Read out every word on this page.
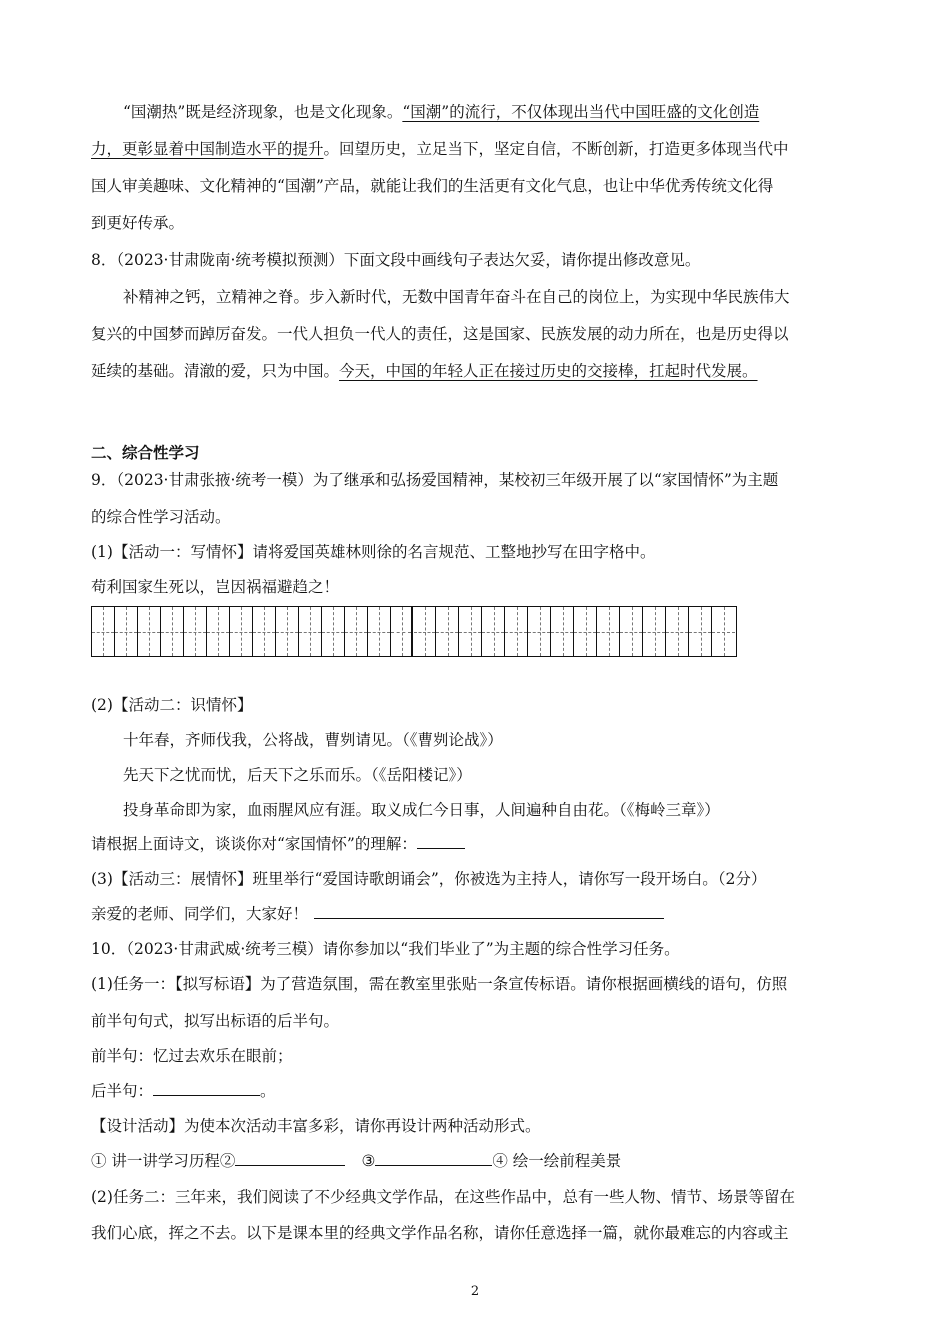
“国潮热”既是经济现象，也是文化现象。“国潮”的流行，不仅体现出当代中国旺盛的文化创造
力，更彰显着中国制造水平的提升。回望历史，立足当下，坚定自信，不断创新，打造更多体现当代中
国人审美趣味、文化精神的“国潮”产品，就能让我们的生活更有文化气息，也让中华优秀传统文化得
到更好传承。
8．（2023·甘肃陇南·统考模拟预测）下面文段中画线句子表达欠妥，请你提出修改意见。
补精神之钙，立精神之脊。步入新时代，无数中国青年奋斗在自己的岗位上，为实现中华民族伟大
复兴的中国梦而踔厉奋发。一代人担负一代人的责任，这是国家、民族发展的动力所在，也是历史得以
延续的基础。清澈的爱，只为中国。今天，中国的年轻人正在接过历史的交接棒，扛起时代发展。
二、综合性学习
9．（2023·甘肃张掖·统考一模）为了继承和弘扬爱国精神，某校初三年级开展了以“家国情怀”为主题
的综合性学习活动。
(1)【活动一：写情怀】请将爱国英雄林则徐的名言规范、工整地抄写在田字格中。
苟利国家生死以，岂因祸福避趋之！
(2)【活动二：识情怀】
十年春，齐师伐我，公将战，曹刿请见。（《曹刿论战》）
先天下之忧而忧，后天下之乐而乐。（《岳阳楼记》）
投身革命即为家，血雨腥风应有涯。取义成仁今日事，人间遍种自由花。（《梅岭三章》）
请根据上面诗文，谈谈你对“家国情怀”的理解：
(3)【活动三：展情怀】班里举行“爱国诗歌朗诵会”，你被选为主持人，请你写一段开场白。（2分）
亲爱的老师、同学们，大家好！
10．（2023·甘肃武威·统考三模）请你参加以“我们毕业了”为主题的综合性学习任务。
(1)任务一：【拟写标语】为了营造氛围，需在教室里张贴一条宣传标语。请你根据画横线的语句，仿照
前半句句式，拟写出标语的后半句。
前半句：忆过去欢乐在眼前；
后半句：	。
【设计活动】为使本次活动丰富多彩，请你再设计两种活动形式。
① 讲一讲学习历程②	③	④ 绘一绘前程美景
(2)任务二：三年来，我们阅读了不少经典文学作品，在这些作品中，总有一些人物、情节、场景等留在
我们心底，挥之不去。以下是课本里的经典文学作品名称，请你任意选择一篇，就你最难忘的内容或主
2
